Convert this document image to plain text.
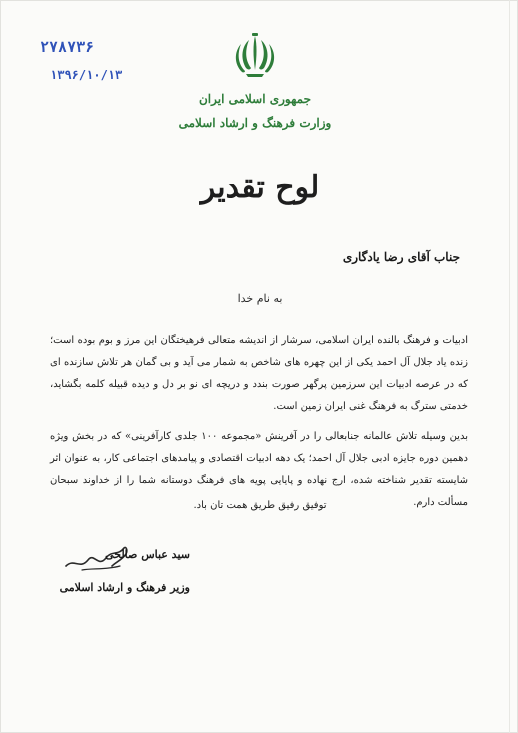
۲۷۸۷۳۶
۱۳۹۶/۱۰/۱۳
جمهوری اسلامی ایران
وزارت فرهنگ و ارشاد اسلامی
لوح تقدیر
جناب آقای رضا یادگاری
به نام خدا

ادبیات و فرهنگ بالنده ایران اسلامی، سرشار از اندیشه متعالی فرهیختگان این مرز و بوم بوده است؛ زنده یاد جلال آل احمد یکی از این چهره های شاخص به شمار می آید و بی گمان هر تلاش سازنده ای که در عرصه ادبیات این سرزمین پرگهر صورت بندد و دریچه ای نو بر دل و دیده قبیله کلمه بگشاید، خدمتی سترگ به فرهنگ غنی ایران زمین است.

بدین وسیله تلاش عالمانه جنابعالی را در آفرینش «مجموعه ۱۰۰ جلدی کارآفرینی» که در بخش ویژه دهمین دوره جایزه ادبی جلال آل احمد؛ یک دهه ادبیات اقتصادی و پیامدهای اجتماعی کار، به عنوان اثر شایسته تقدیر شناخته شده، ارج نهاده و پایایی پویه های فرهنگ دوستانه شما را از خداوند سبحان مسألت دارم.

توفیق رفیق طریق همت تان باد.
سید عباس صالحی
وزیر فرهنگ و ارشاد اسلامی
